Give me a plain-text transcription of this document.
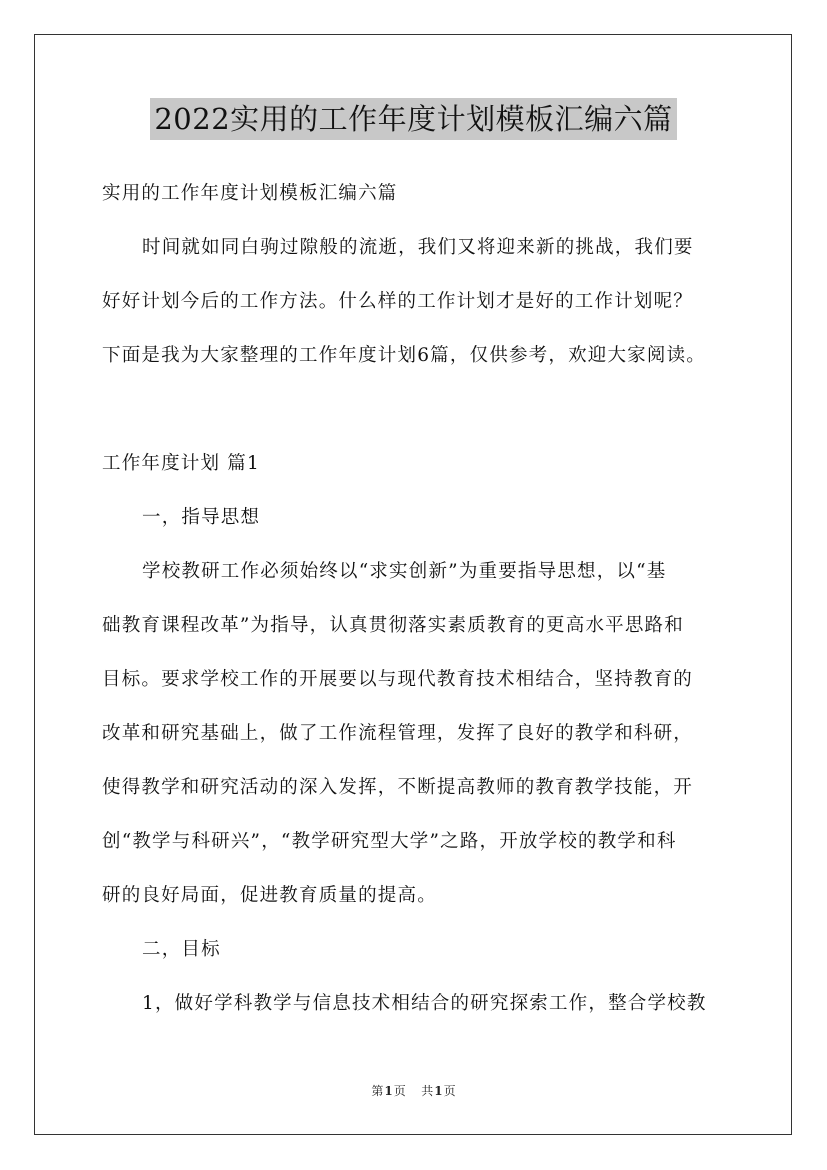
2022实用的工作年度计划模板汇编六篇
实用的工作年度计划模板汇编六篇
时间就如同白驹过隙般的流逝，我们又将迎来新的挑战，我们要
好好计划今后的工作方法。什么样的工作计划才是好的工作计划呢？
下面是我为大家整理的工作年度计划6篇，仅供参考，欢迎大家阅读。
工作年度计划 篇1
一，指导思想
学校教研工作必须始终以“求实创新”为重要指导思想，以“基
础教育课程改革”为指导，认真贯彻落实素质教育的更高水平思路和
目标。要求学校工作的开展要以与现代教育技术相结合，坚持教育的
改革和研究基础上，做了工作流程管理，发挥了良好的教学和科研，
使得教学和研究活动的深入发挥，不断提高教师的教育教学技能，开
创“教学与科研兴”，“教学研究型大学”之路，开放学校的教学和科
研的良好局面，促进教育质量的提高。
二，目标
1，做好学科教学与信息技术相结合的研究探索工作，整合学校教
第1页 共1页
